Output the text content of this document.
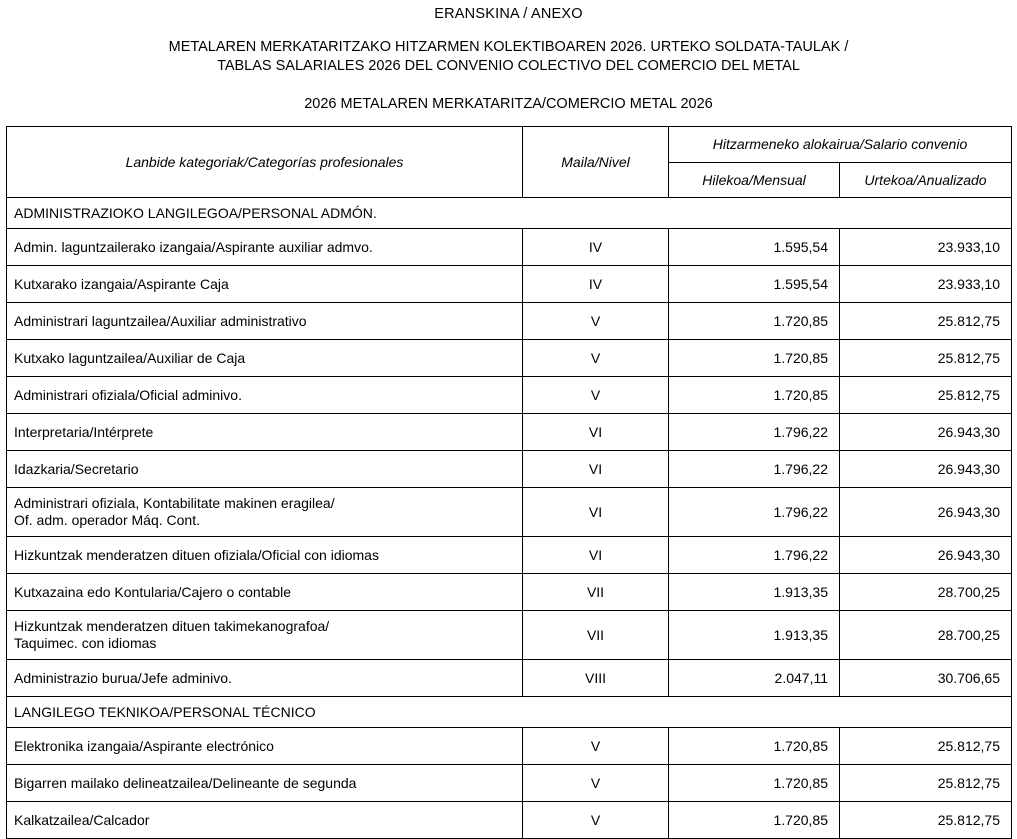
ERANSKINA / ANEXO
METALAREN MERKATARITZAKO HITZARMEN KOLEKTIBOAREN 2026. URTEKO SOLDATA-TAULAK /
TABLAS SALARIALES 2026 DEL CONVENIO COLECTIVO DEL COMERCIO DEL METAL
2026 METALAREN MERKATARITZA/COMERCIO METAL 2026
Lanbide kategoriak/Categorías profesionales	Maila/Nivel	Hitzarmeneko alokairua/Salario convenio	
		Hilekoa/Mensual	Urtekoa/Anualizado
ADMINISTRAZIOKO LANGILEGOA/PERSONAL ADMÓN.			
Admin. laguntzailerako izangaia/Aspirante auxiliar admvo.	IV	1.595,54	23.933,10
Kutxarako izangaia/Aspirante Caja	IV	1.595,54	23.933,10
Administrari laguntzailea/Auxiliar administrativo	V	1.720,85	25.812,75
Kutxako laguntzailea/Auxiliar de Caja	V	1.720,85	25.812,75
Administrari ofiziala/Oficial adminivo.	V	1.720,85	25.812,75
Interpretaria/Intérprete	VI	1.796,22	26.943,30
Idazkaria/Secretario	VI	1.796,22	26.943,30
Administrari ofiziala, Kontabilitate makinen eragilea/
Of. adm. operador Máq. Cont.	VI	1.796,22	26.943,30
Hizkuntzak menderatzen dituen ofiziala/Oficial con idiomas	VI	1.796,22	26.943,30
Kutxazaina edo Kontularia/Cajero o contable	VII	1.913,35	28.700,25
Hizkuntzak menderatzen dituen takimekanografoa/
Taquimec. con idiomas	VII	1.913,35	28.700,25
Administrazio burua/Jefe adminivo.	VIII	2.047,11	30.706,65
LANGILEGO TEKNIKOA/PERSONAL TÉCNICO			
Elektronika izangaia/Aspirante electrónico	V	1.720,85	25.812,75
Bigarren mailako delineatzailea/Delineante de segunda	V	1.720,85	25.812,75
Kalkatzailea/Calcador	V	1.720,85	25.812,75
